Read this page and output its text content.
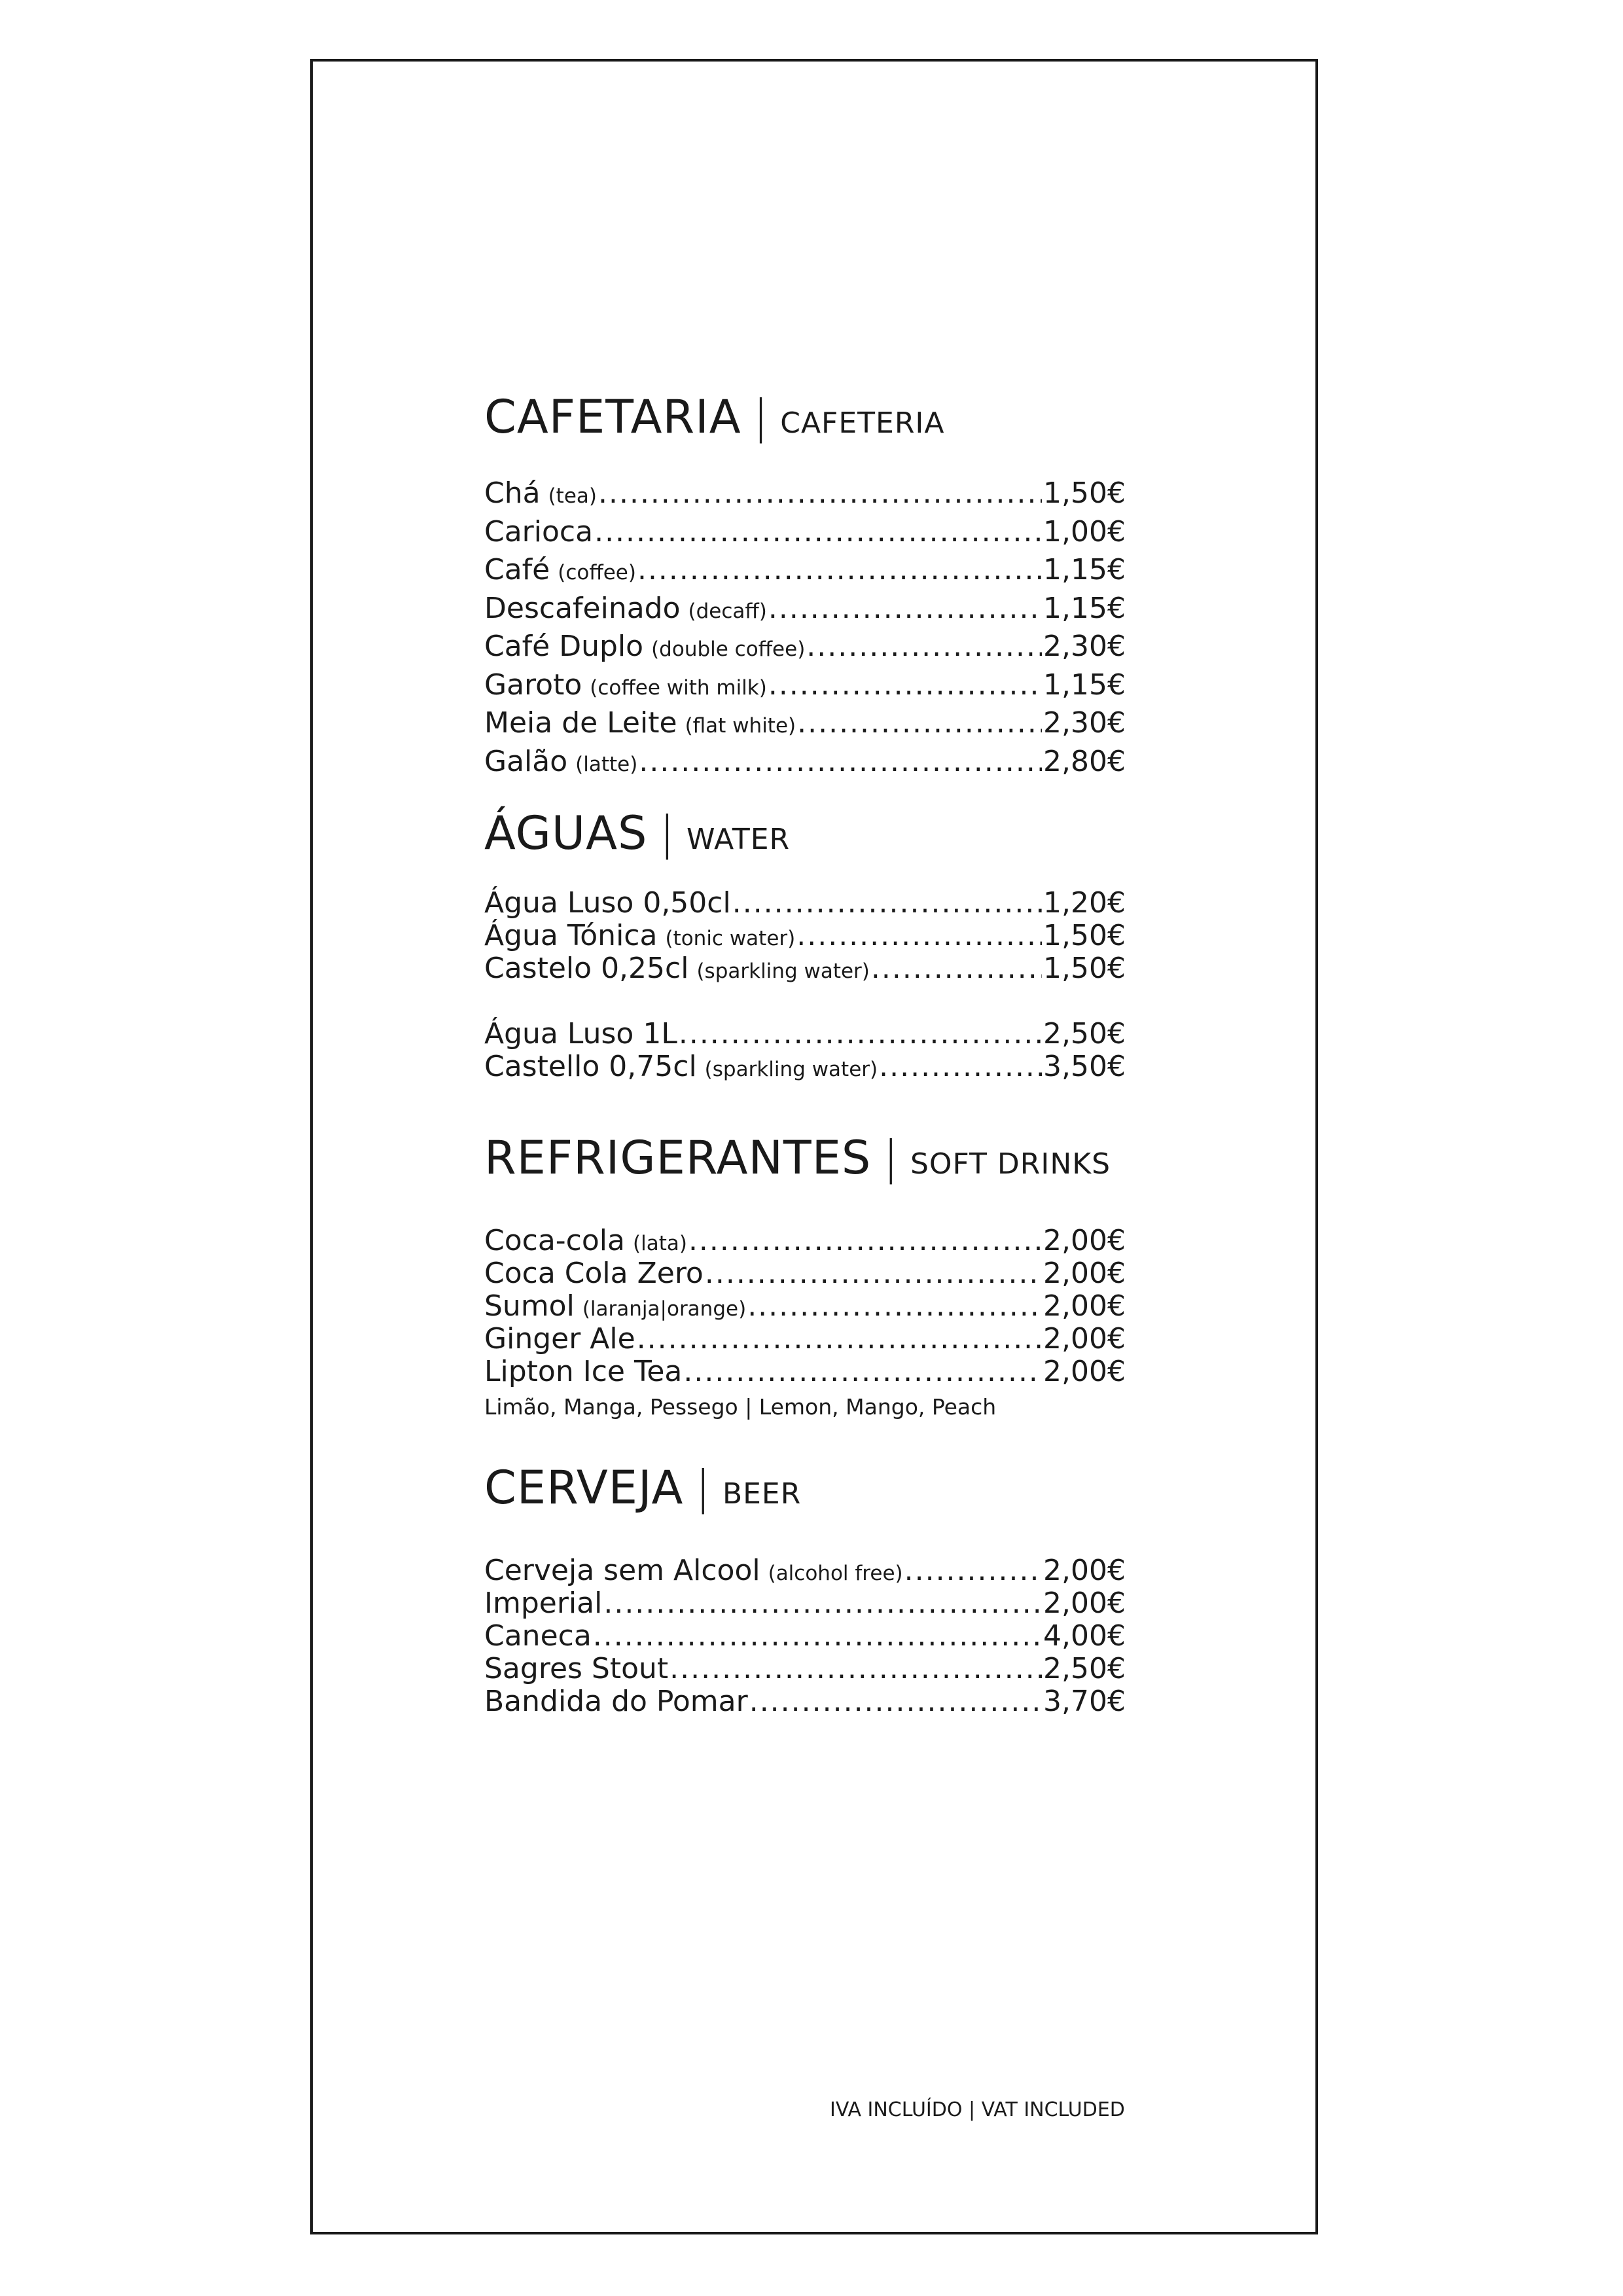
CAFETARIA | CAFETERIA
Chá (tea) .....	1,50€
Carioca .....	1,00€
Café (coffee) .....	1,15€
Descafeinado (decaff) .....	1,15€
Café Duplo (double coffee) .....	2,30€
Garoto (coffee with milk) .....	1,15€
Meia de Leite (flat white) .....	2,30€
Galão (latte) .....	2,80€
ÁGUAS | WATER
Água Luso 0,50cl .....	1,20€
Água Tónica (tonic water) .....	1,50€
Castelo 0,25cl (sparkling water) .....	1,50€
Água Luso 1L .....	2,50€
Castello 0,75cl (sparkling water) .....	3,50€
REFRIGERANTES | SOFT DRINKS
Coca-cola (lata) .....	2,00€
Coca Cola Zero .....	2,00€
Sumol (laranja|orange) .....	2,00€
Ginger Ale .....	2,00€
Lipton Ice Tea .....	2,00€
Limão, Manga, Pessego | Lemon, Mango, Peach
CERVEJA | BEER
Cerveja sem Alcool (alcohol free) .....	2,00€
Imperial .....	2,00€
Caneca .....	4,00€
Sagres Stout .....	2,50€
Bandida do Pomar .....	3,70€
IVA INCLUÍDO | VAT INCLUDED
